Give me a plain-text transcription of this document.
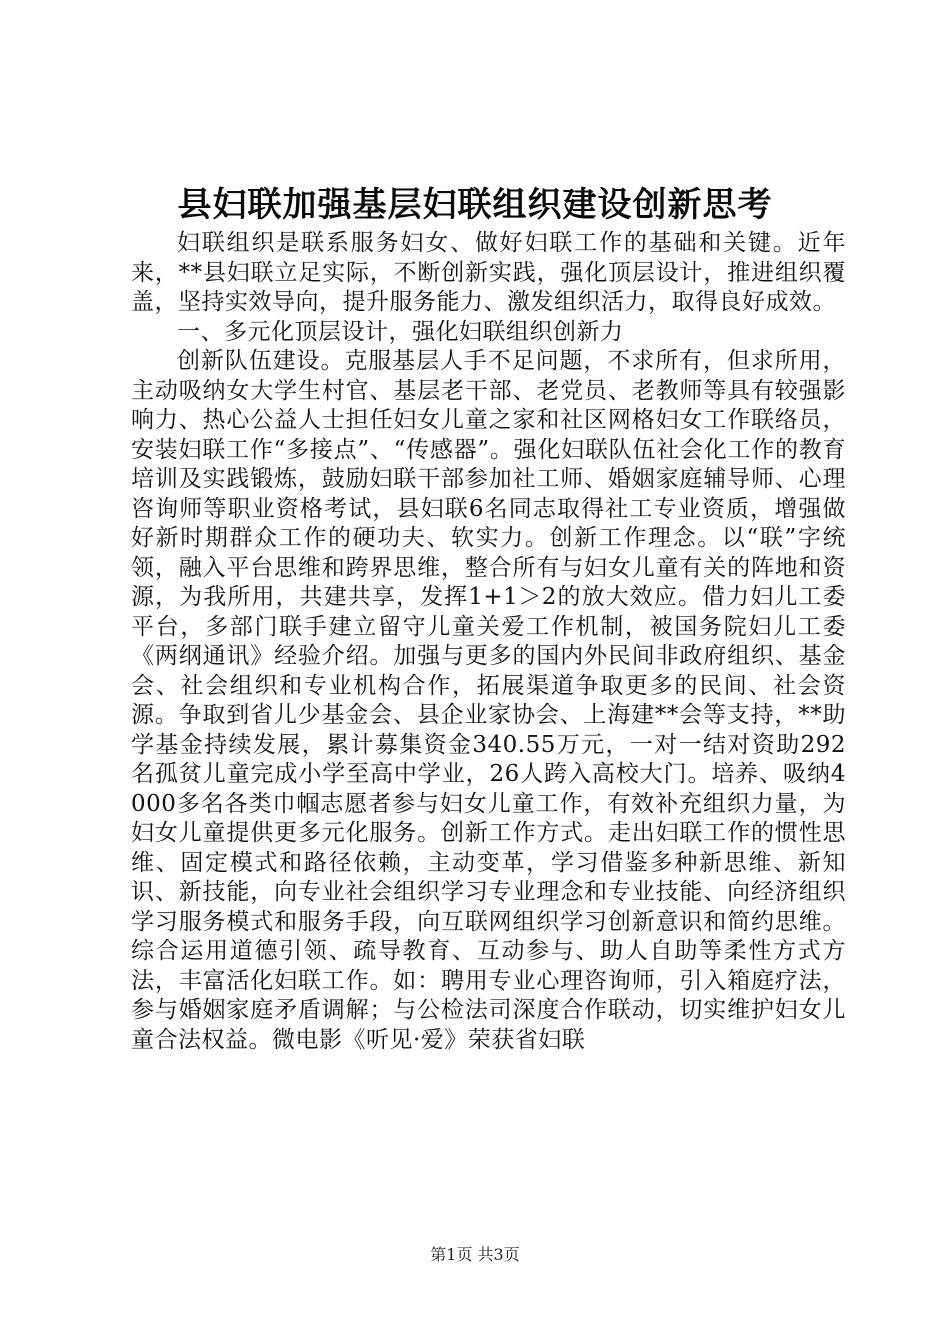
县妇联加强基层妇联组织建设创新思考

妇联组织是联系服务妇女、做好妇联工作的基础和关键。近年来，**县妇联立足实际，不断创新实践，强化顶层设计，推进组织覆盖，坚持实效导向，提升服务能力、激发组织活力，取得良好成效。

一、多元化顶层设计，强化妇联组织创新力

创新队伍建设。克服基层人手不足问题，不求所有，但求所用，主动吸纳女大学生村官、基层老干部、老党员、老教师等具有较强影响力、热心公益人士担任妇女儿童之家和社区网格妇女工作联络员，安装妇联工作“多接点”、“传感器”。强化妇联队伍社会化工作的教育培训及实践锻炼，鼓励妇联干部参加社工师、婚姻家庭辅导师、心理咨询师等职业资格考试，县妇联6名同志取得社工专业资质，增强做好新时期群众工作的硬功夫、软实力。创新工作理念。以“联”字统领，融入平台思维和跨界思维，整合所有与妇女儿童有关的阵地和资源，为我所用，共建共享，发挥1+1＞2的放大效应。借力妇儿工委平台，多部门联手建立留守儿童关爱工作机制，被国务院妇儿工委《两纲通讯》经验介绍。加强与更多的国内外民间非政府组织、基金会、社会组织和专业机构合作，拓展渠道争取更多的民间、社会资源。争取到省儿少基金会、县企业家协会、上海建**会等支持，**助学基金持续发展，累计募集资金340.55万元，一对一结对资助292名孤贫儿童完成小学至高中学业，26人跨入高校大门。培养、吸纳4000多名各类巾帼志愿者参与妇女儿童工作，有效补充组织力量，为妇女儿童提供更多元化服务。创新工作方式。走出妇联工作的惯性思维、固定模式和路径依赖，主动变革，学习借鉴多种新思维、新知识、新技能，向专业社会组织学习专业理念和专业技能、向经济组织学习服务模式和服务手段，向互联网组织学习创新意识和简约思维。综合运用道德引领、疏导教育、互动参与、助人自助等柔性方式方法，丰富活化妇联工作。如：聘用专业心理咨询师，引入箱庭疗法，参与婚姻家庭矛盾调解；与公检法司深度合作联动，切实维护妇女儿童合法权益。微电影《听见·爱》荣获省妇联

第1页 共3页
